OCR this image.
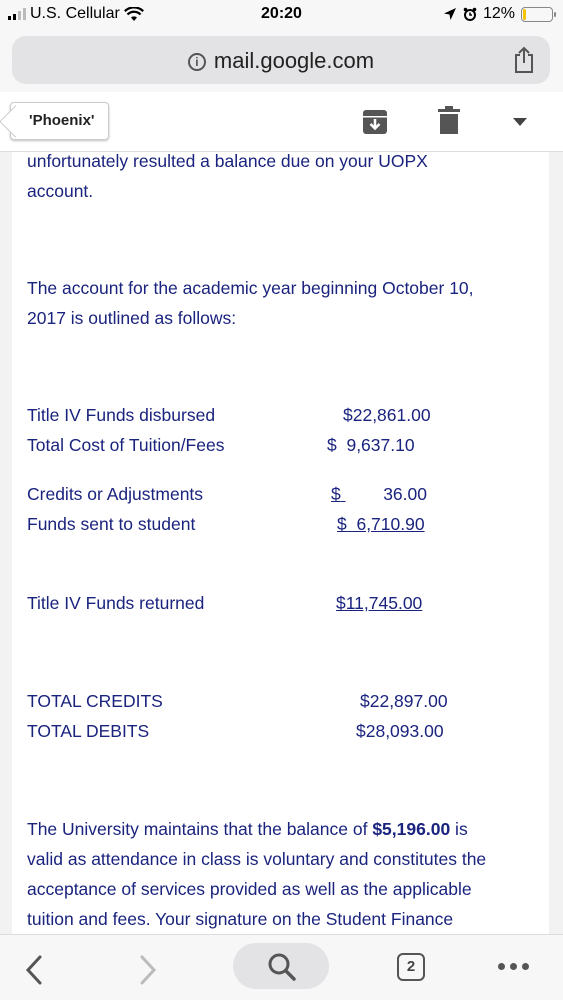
U.S. Cellular	20:20	12%
i mail.google.com
'Phoenix'
unfortunately resulted a balance due on your UOPX
account.
The account for the academic year beginning October 10,
2017 is outlined as follows:
Title IV Funds disbursed	$22,861.00
Total Cost of Tuition/Fees	$  9,637.10
Credits or Adjustments	$ 36.00
Funds sent to student	$  6,710.90
Title IV Funds returned	$11,745.00
TOTAL CREDITS	$22,897.00
TOTAL DEBITS	$28,093.00
The University maintains that the balance of $5,196.00 is
valid as attendance in class is voluntary and constitutes the
acceptance of services provided as well as the applicable
tuition and fees. Your signature on the Student Finance
2
